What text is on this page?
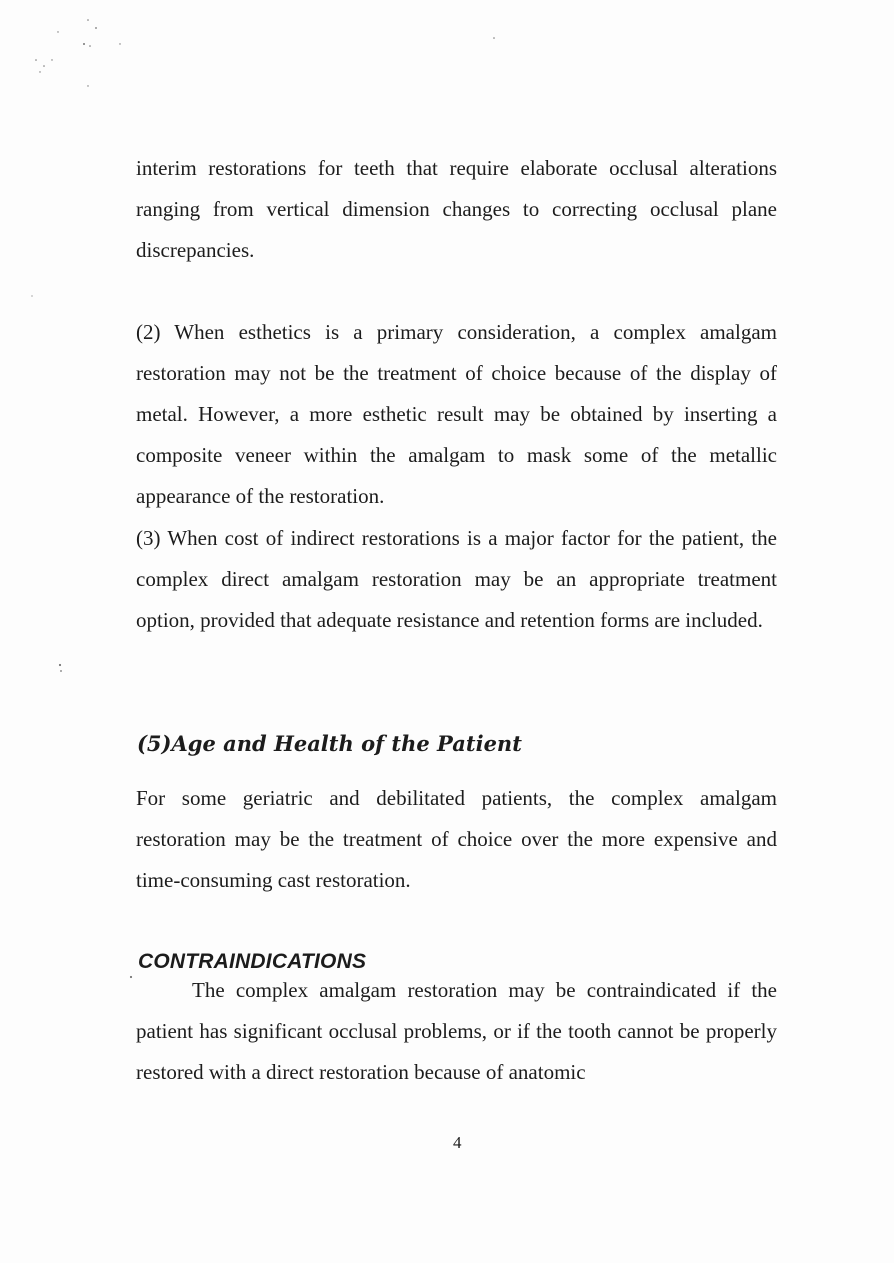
interim restorations for teeth that require elaborate occlusal alterations ranging from vertical dimension changes to correcting occlusal plane discrepancies.

(2) When esthetics is a primary consideration, a complex amalgam restoration may not be the treatment of choice because of the display of metal. However, a more esthetic result may be obtained by inserting a composite veneer within the amalgam to mask some of the metallic appearance of the restoration.

(3) When cost of indirect restorations is a major factor for the patient, the complex direct amalgam restoration may be an appropriate treatment option, provided that adequate resistance and retention forms are included.

(5)Age and Health of the Patient

For some geriatric and debilitated patients, the complex amalgam restoration may be the treatment of choice over the more expensive and time-consuming cast restoration.

CONTRAINDICATIONS

The complex amalgam restoration may be contraindicated if the patient has significant occlusal problems, or if the tooth cannot be properly restored with a direct restoration because of anatomic

4
